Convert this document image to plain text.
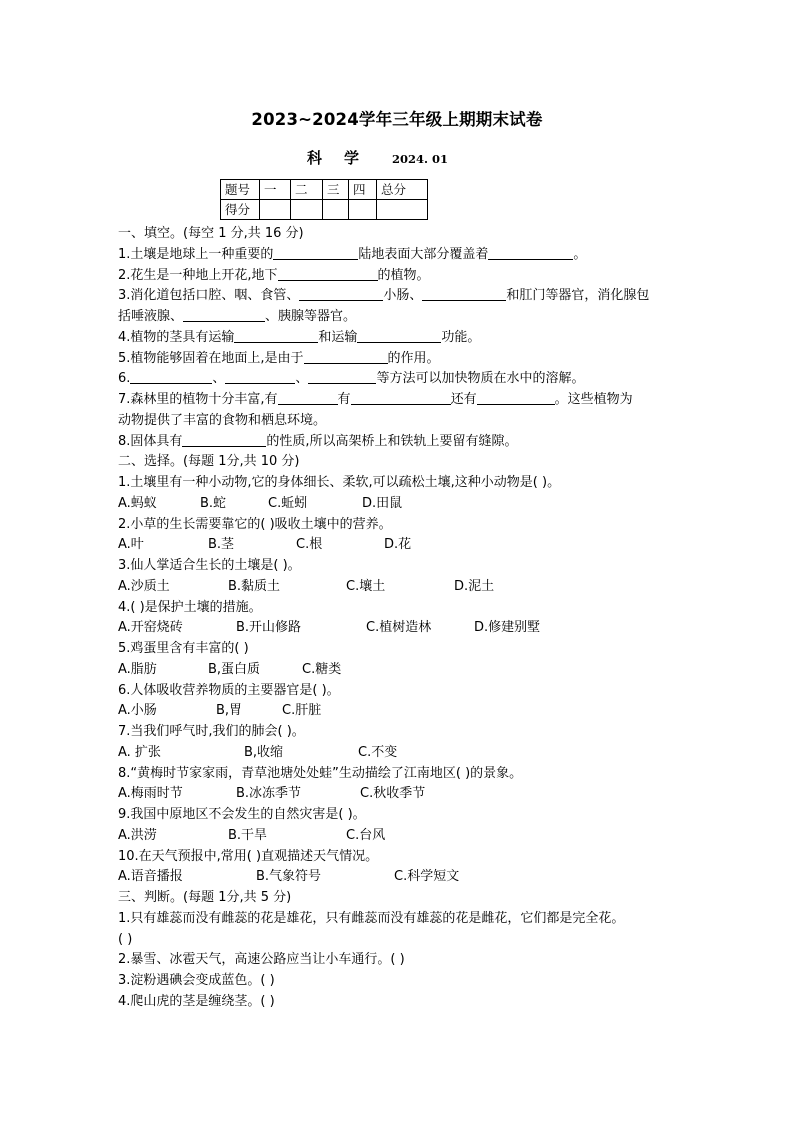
2023~2024学年三年级上期期末试卷
科 学	2024. 01
题号	一	二	三	四	总分
得分					
一、填空。(每空 1 分,共 16 分)
1.土壤是地球上一种重要的	陆地表面大部分覆盖着	。
2.花生是一种地上开花,地下	的植物。
3.消化道包括口腔、咽、食管、	小肠、	和肛门等器官，消化腺包
括唾液腺、	、胰腺等器官。
4.植物的茎具有运输	和运输	功能。
5.植物能够固着在地面上,是由于	的作用。
6.	、	、	等方法可以加快物质在水中的溶解。
7.森林里的植物十分丰富,有	有	还有	。这些植物为
动物提供了丰富的食物和栖息环境。
8.固体具有	的性质,所以高架桥上和铁轨上要留有缝隙。
二、选择。(每题 1分,共 10 分)
1.土壤里有一种小动物,它的身体细长、柔软,可以疏松土壤,这种小动物是( )。
A.蚂蚁	B.蛇	C.蚯蚓	D.田鼠
2.小草的生长需要靠它的( )吸收土壤中的营养。
A.叶	B.茎	C.根	D.花
3.仙人掌适合生长的土壤是( )。
A.沙质土	B.黏质土	C.壤土	D.泥土
4.( )是保护土壤的措施。
A.开窑烧砖	B.开山修路	C.植树造林	D.修建别墅
5.鸡蛋里含有丰富的( )
A.脂肪	B,蛋白质	C.糖类
6.人体吸收营养物质的主要器官是( )。
A.小肠	B,胃	C.肝脏
7.当我们呼气时,我们的肺会( )。
A. 扩张	B,收缩	C.不变
8.“黄梅时节家家雨，青草池塘处处蛙”生动描绘了江南地区( )的景象。
A.梅雨时节	B.冰冻季节	C.秋收季节
9.我国中原地区不会发生的自然灾害是( )。
A.洪涝	B.干旱	C.台风
10.在天气预报中,常用( )直观描述天气情况。
A.语音播报	B.气象符号	C.科学短文
三、判断。(每题 1分,共 5 分)
1.只有雄蕊而没有雌蕊的花是雄花，只有雌蕊而没有雄蕊的花是雌花，它们都是完全花。
( )
2.暴雪、冰雹天气，高速公路应当让小车通行。( )
3.淀粉遇碘会变成蓝色。( )
4.爬山虎的茎是缠绕茎。( )
